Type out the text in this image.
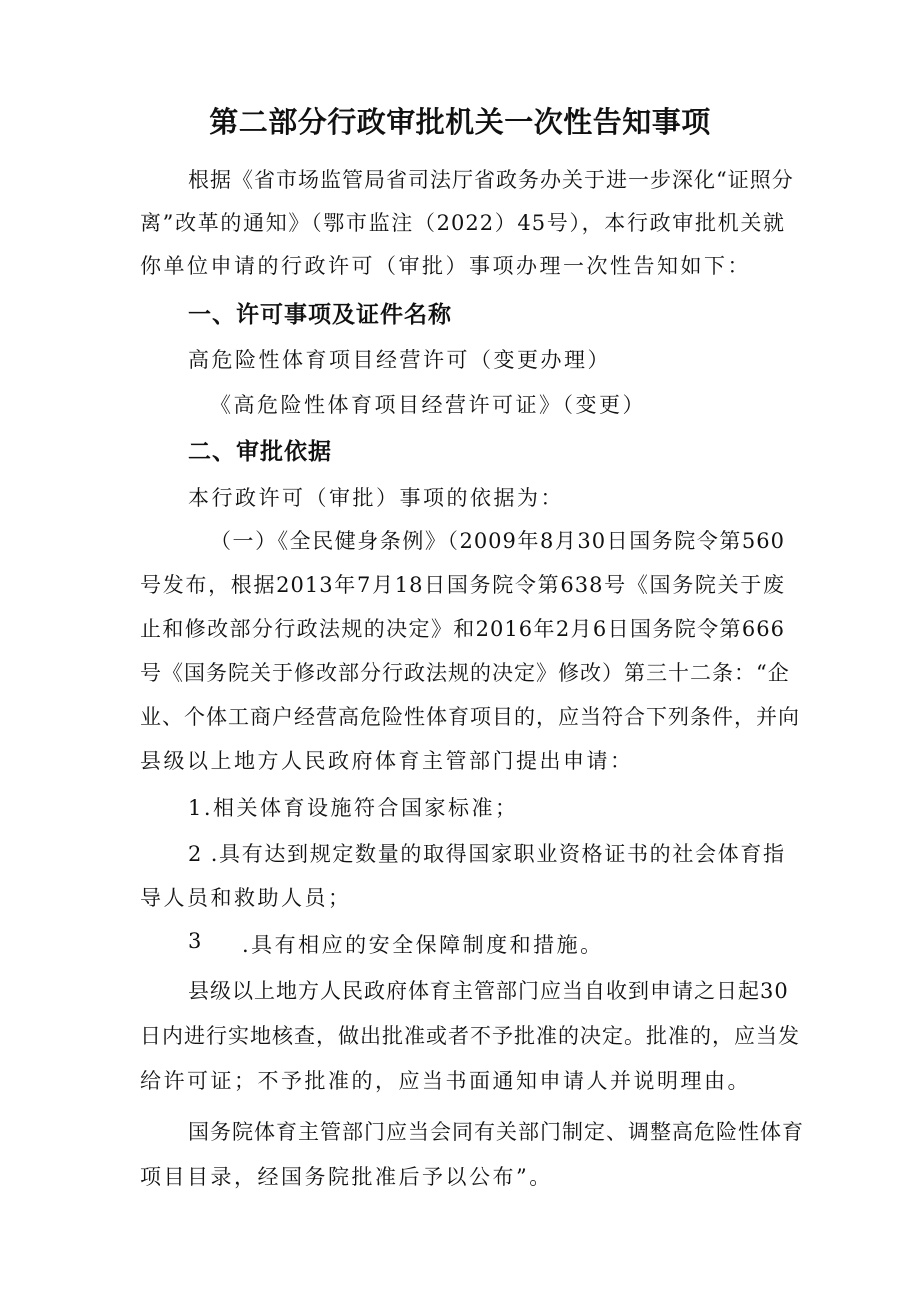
第二部分行政审批机关一次性告知事项
根据《省市场监管局省司法厅省政务办关于进一步深化“证照分
离”改革的通知》（鄂市监注（2022）45号），本行政审批机关就
你单位申请的行政许可（审批）事项办理一次性告知如下：
一、许可事项及证件名称
高危险性体育项目经营许可（变更办理）
《高危险性体育项目经营许可证》（变更）
二、审批依据
本行政许可（审批）事项的依据为：
（一）《全民健身条例》（2009年8月30日国务院令第560
号发布，根据2013年7月18日国务院令第638号《国务院关于废
止和修改部分行政法规的决定》和2016年2月6日国务院令第666
号《国务院关于修改部分行政法规的决定》修改）第三十二条：“企
业、个体工商户经营高危险性体育项目的，应当符合下列条件，并向
县级以上地方人民政府体育主管部门提出申请：
1.相关体育设施符合国家标准；
2 .具有达到规定数量的取得国家职业资格证书的社会体育指
导人员和救助人员；
3	.具有相应的安全保障制度和措施。
县级以上地方人民政府体育主管部门应当自收到申请之日起30
日内进行实地核查，做出批准或者不予批准的决定。批准的，应当发
给许可证；不予批准的，应当书面通知申请人并说明理由。
国务院体育主管部门应当会同有关部门制定、调整高危险性体育
项目目录，经国务院批准后予以公布”。
